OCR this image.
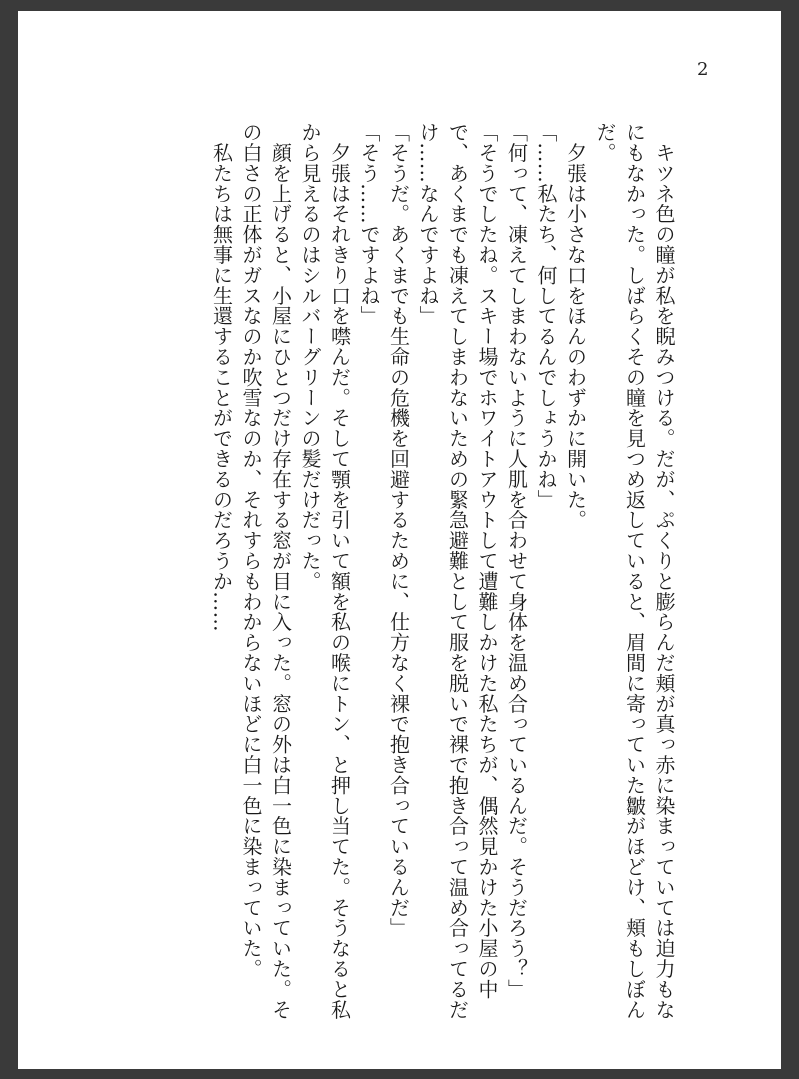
2

　キツネ色の瞳が私を睨みつける。だが、ぷくりと膨らんだ頬が真っ赤に染まっていては迫力もなにもなかった。しばらくその瞳を見つめ返していると、眉間に寄っていた皺がほどけ、頬もしぼんだ。

　夕張は小さな口をほんのわずかに開いた。

「……私たち、何してるんでしょうかね」

「何って、凍えてしまわないように人肌を合わせて身体を温め合っているんだ。そうだろう？」

「そうでしたね。スキー場でホワイトアウトして遭難しかけた私たちが、偶然見かけた小屋の中で、あくまでも凍えてしまわないための緊急避難として服を脱いで裸で抱き合って温め合ってるだけ……なんですよね」

「そうだ。あくまでも生命の危機を回避するために、仕方なく裸で抱き合っているんだ」

「そう……ですよね」

　夕張はそれきり口を噤んだ。そして顎を引いて額を私の喉にトン、と押し当てた。そうなると私から見えるのはシルバーグリーンの髪だけだった。

　顔を上げると、小屋にひとつだけ存在する窓が目に入った。窓の外は白一色に染まっていた。その白さの正体がガスなのか吹雪なのか、それすらもわからないほどに白一色に染まっていた。

　私たちは無事に生還することができるのだろうか……
